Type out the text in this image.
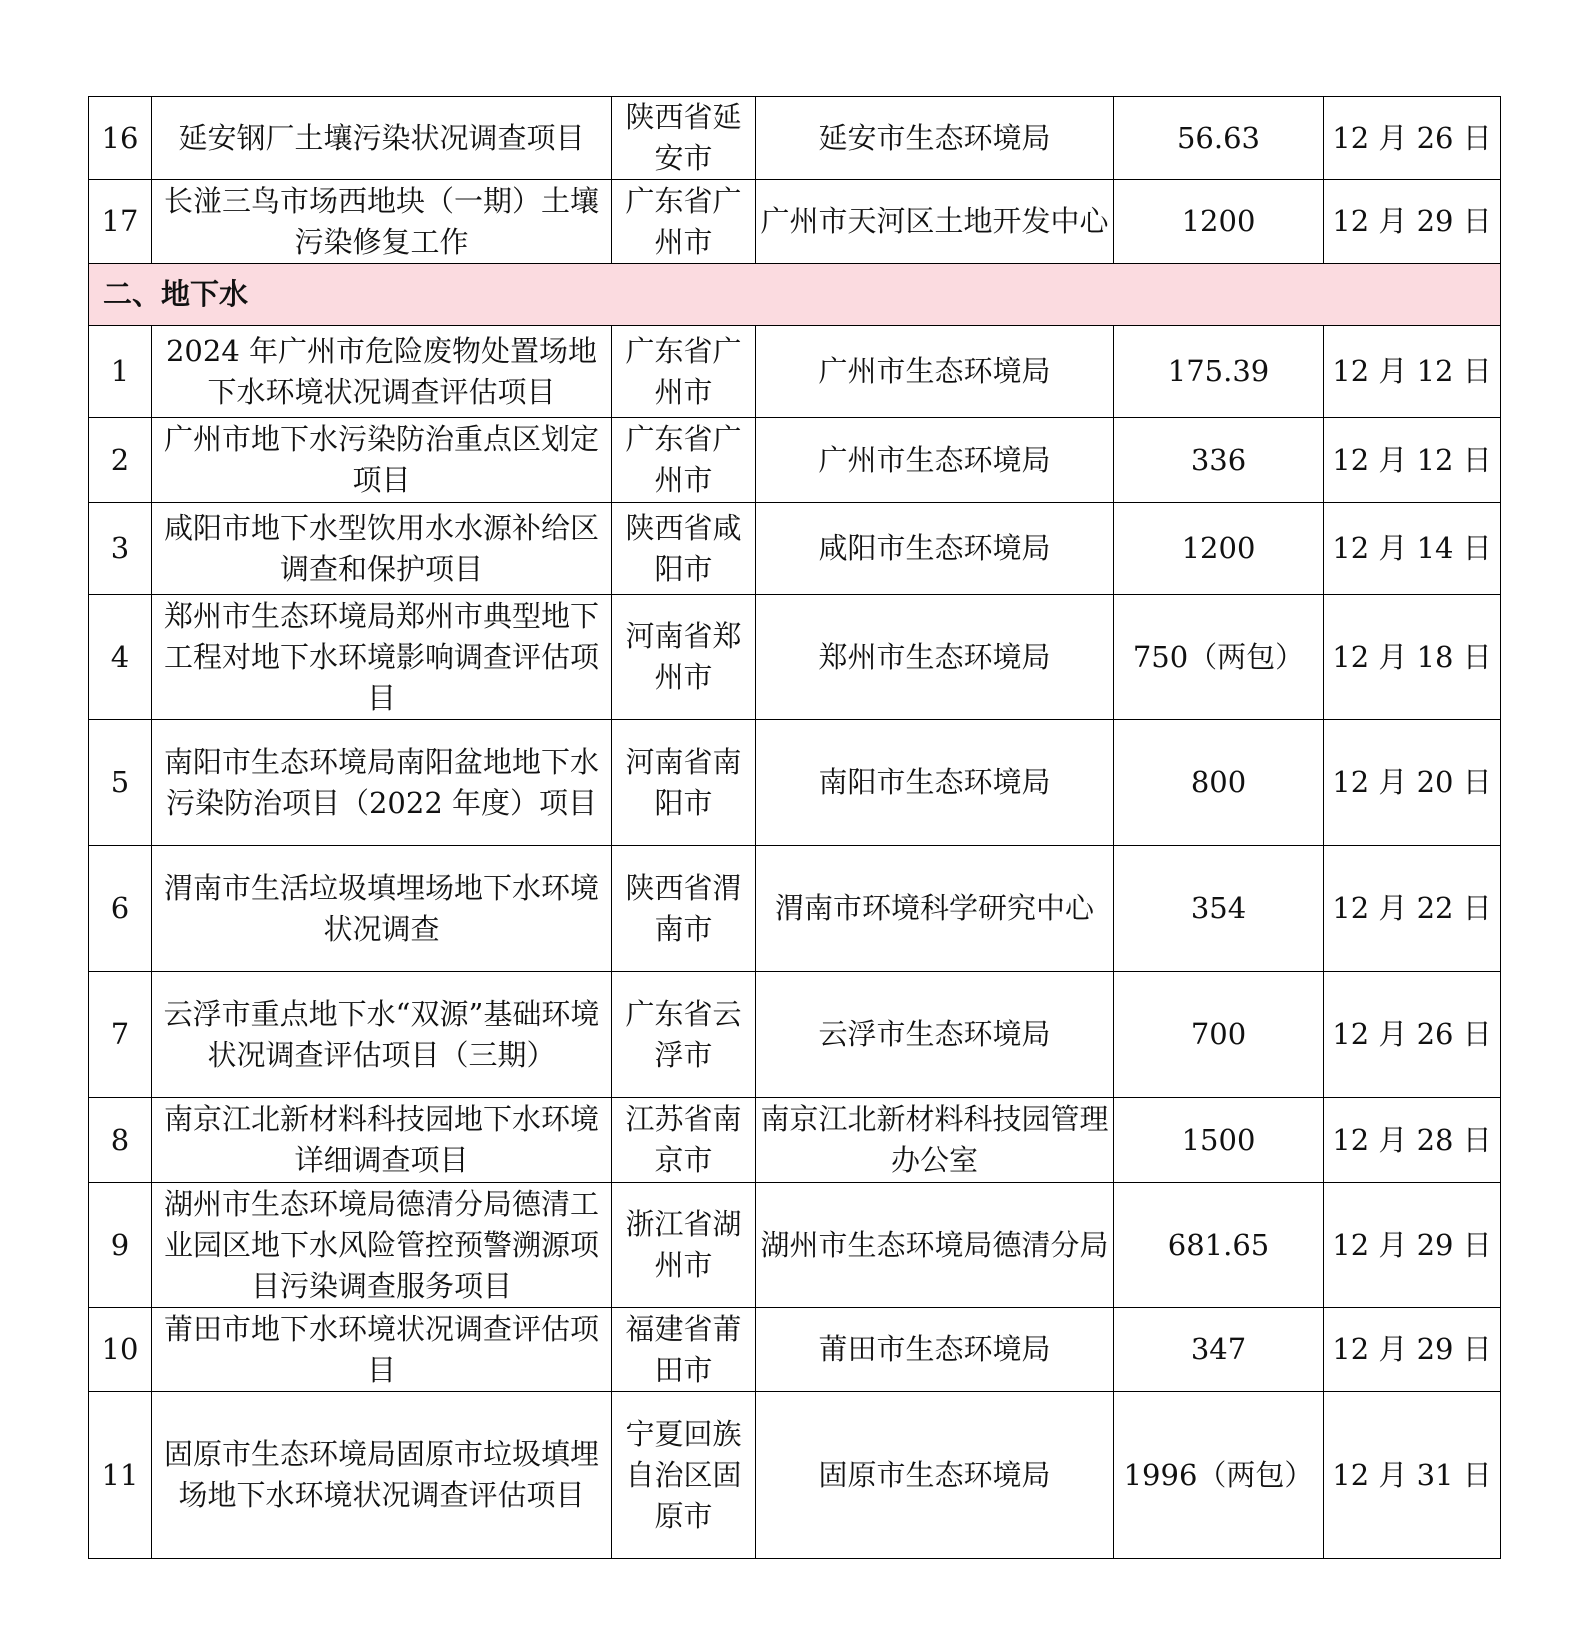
16	延安钢厂土壤污染状况调查项目	陕西省延安市	延安市生态环境局	56.63	12 月 26 日
17	长湴三鸟市场西地块（一期）土壤污染修复工作	广东省广州市	广州市天河区土地开发中心	1200	12 月 29 日
二、地下水					
1	2024 年广州市危险废物处置场地下水环境状况调查评估项目	广东省广州市	广州市生态环境局	175.39	12 月 12 日
2	广州市地下水污染防治重点区划定项目	广东省广州市	广州市生态环境局	336	12 月 12 日
3	咸阳市地下水型饮用水水源补给区调查和保护项目	陕西省咸阳市	咸阳市生态环境局	1200	12 月 14 日
4	郑州市生态环境局郑州市典型地下工程对地下水环境影响调查评估项目	河南省郑州市	郑州市生态环境局	750（两包）	12 月 18 日
5	南阳市生态环境局南阳盆地地下水污染防治项目（2022 年度）项目	河南省南阳市	南阳市生态环境局	800	12 月 20 日
6	渭南市生活垃圾填埋场地下水环境状况调查	陕西省渭南市	渭南市环境科学研究中心	354	12 月 22 日
7	云浮市重点地下水“双源”基础环境状况调查评估项目（三期）	广东省云浮市	云浮市生态环境局	700	12 月 26 日
8	南京江北新材料科技园地下水环境详细调查项目	江苏省南京市	南京江北新材料科技园管理办公室	1500	12 月 28 日
9	湖州市生态环境局德清分局德清工业园区地下水风险管控预警溯源项目污染调查服务项目	浙江省湖州市	湖州市生态环境局德清分局	681.65	12 月 29 日
10	莆田市地下水环境状况调查评估项目	福建省莆田市	莆田市生态环境局	347	12 月 29 日
11	固原市生态环境局固原市垃圾填埋场地下水环境状况调查评估项目	宁夏回族自治区固原市	固原市生态环境局	1996（两包）	12 月 31 日
